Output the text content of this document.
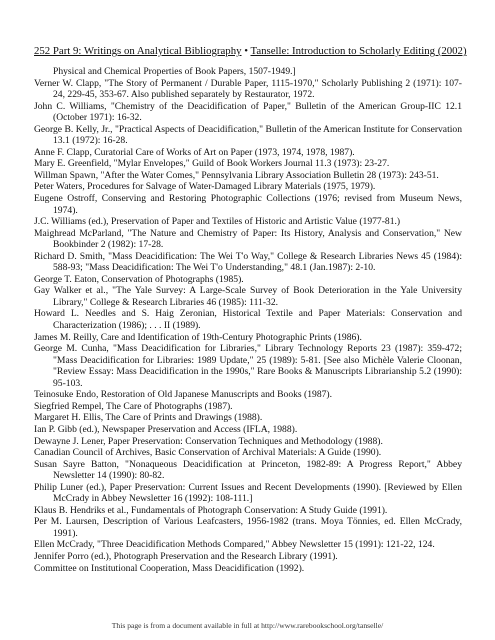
252 Part 9: Writings on Analytical Bibliography • Tanselle: Introduction to Scholarly Editing (2002)
Physical and Chemical Properties of Book Papers, 1507-1949.]
Verner W. Clapp, "The Story of Permanent / Durable Paper, 1115-1970," Scholarly Publishing 2 (1971): 107-24, 229-45, 353-67. Also published separately by Restaurator, 1972.
John C. Williams, "Chemistry of the Deacidification of Paper," Bulletin of the American Group-IIC 12.1 (October 1971): 16-32.
George B. Kelly, Jr., "Practical Aspects of Deacidification," Bulletin of the American Institute for Conservation 13.1 (1972): 16-28.
Anne F. Clapp, Curatorial Care of Works of Art on Paper (1973, 1974, 1978, 1987).
Mary E. Greenfield, "Mylar Envelopes," Guild of Book Workers Journal 11.3 (1973): 23-27.
Willman Spawn, "After the Water Comes," Pennsylvania Library Association Bulletin 28 (1973): 243-51.
Peter Waters, Procedures for Salvage of Water-Damaged Library Materials (1975, 1979).
Eugene Ostroff, Conserving and Restoring Photographic Collections (1976; revised from Museum News, 1974).
J.C. Williams (ed.), Preservation of Paper and Textiles of Historic and Artistic Value (1977-81.)
Maighread McParland, "The Nature and Chemistry of Paper: Its History, Analysis and Conservation," New Bookbinder 2 (1982): 17-28.
Richard D. Smith, "Mass Deacidification: The Wei T'o Way," College & Research Libraries News 45 (1984): 588-93; "Mass Deacidification: The Wei T'o Understanding," 48.1 (Jan.1987): 2-10.
George T. Eaton, Conservation of Photographs (1985).
Gay Walker et al., "The Yale Survey: A Large-Scale Survey of Book Deterioration in the Yale University Library," College & Research Libraries 46 (1985): 111-32.
Howard L. Needles and S. Haig Zeronian, Historical Textile and Paper Materials: Conservation and Characterization (1986); . . . II (1989).
James M. Reilly, Care and Identification of 19th-Century Photographic Prints (1986).
George M. Cunha, "Mass Deacidification for Libraries," Library Technology Reports 23 (1987): 359-472; "Mass Deacidification for Libraries: 1989 Update," 25 (1989): 5-81. [See also Michèle Valerie Cloonan, "Review Essay: Mass Deacidification in the 1990s," Rare Books & Manuscripts Librarianship 5.2 (1990): 95-103.
Teinosuke Endo, Restoration of Old Japanese Manuscripts and Books (1987).
Siegfried Rempel, The Care of Photographs (1987).
Margaret H. Ellis, The Care of Prints and Drawings (1988).
Ian P. Gibb (ed.), Newspaper Preservation and Access (IFLA, 1988).
Dewayne J. Lener, Paper Preservation: Conservation Techniques and Methodology (1988).
Canadian Council of Archives, Basic Conservation of Archival Materials: A Guide (1990).
Susan Sayre Batton, "Nonaqueous Deacidification at Princeton, 1982-89: A Progress Report," Abbey Newsletter 14 (1990): 80-82.
Philip Luner (ed.), Paper Preservation: Current Issues and Recent Developments (1990). [Reviewed by Ellen McCrady in Abbey Newsletter 16 (1992): 108-111.]
Klaus B. Hendriks et al., Fundamentals of Photograph Conservation: A Study Guide (1991).
Per M. Laursen, Description of Various Leafcasters, 1956-1982 (trans. Moya Tönnies, ed. Ellen McCrady, 1991).
Ellen McCrady, "Three Deacidification Methods Compared," Abbey Newsletter 15 (1991): 121-22, 124.
Jennifer Porro (ed.), Photograph Preservation and the Research Library (1991).
Committee on Institutional Cooperation, Mass Deacidification (1992).
This page is from a document available in full at http://www.rarebookschool.org/tanselle/
